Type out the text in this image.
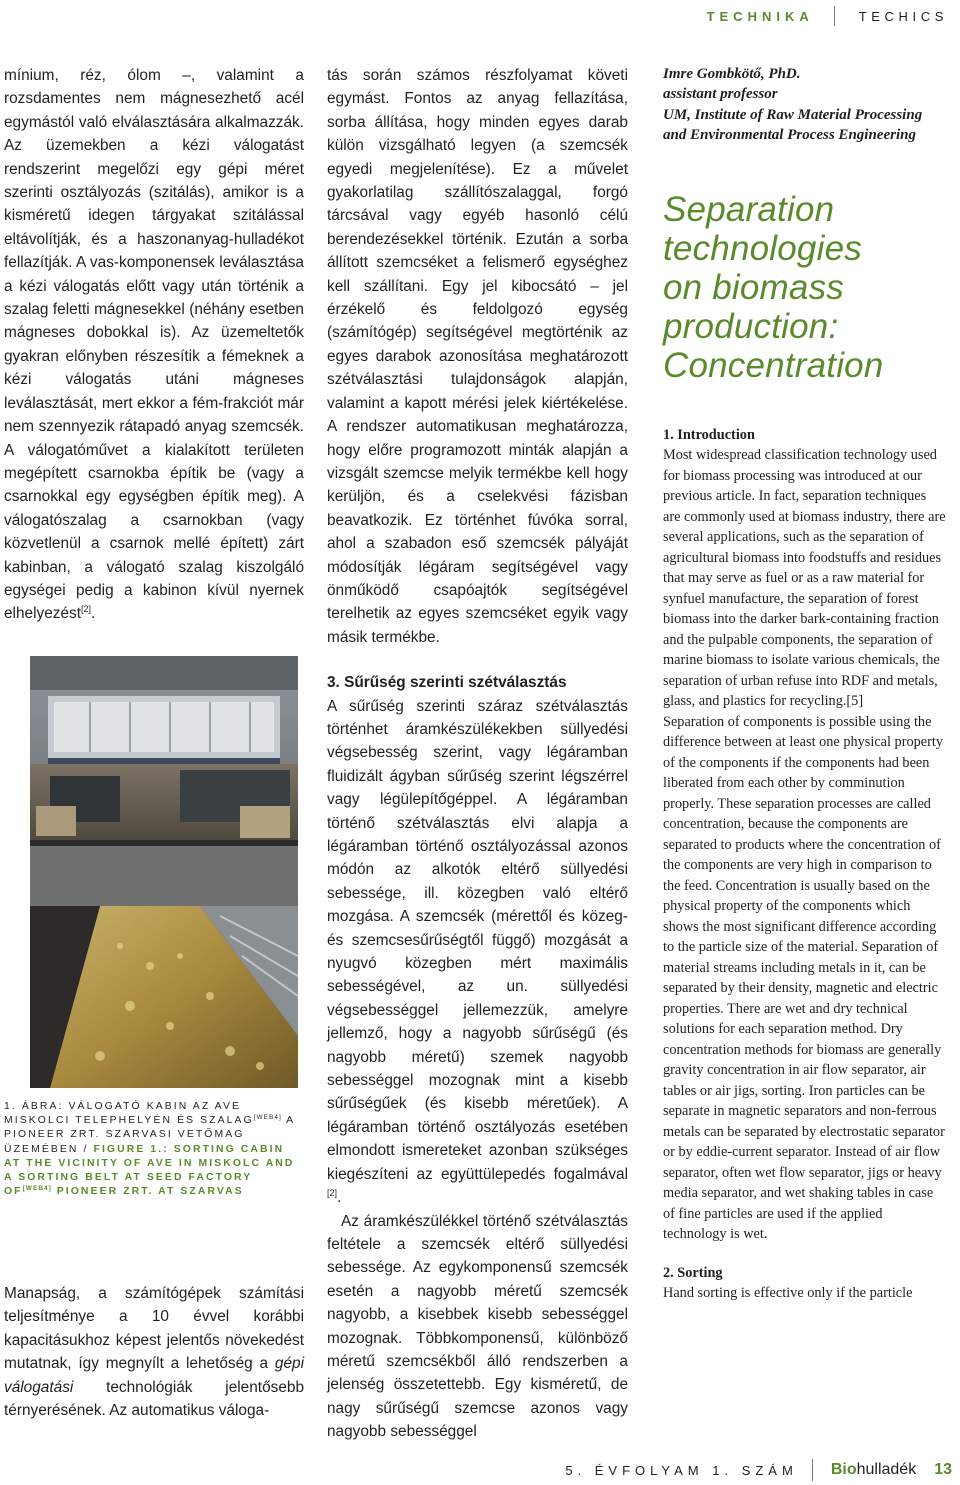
TECHNIKA	TECHICS

mínium, réz, ólom –, valamint a rozsdamentes nem mágnesezhető acél egymástól való elválasztására alkalmazzák. Az üzemekben a kézi válogatást rendszerint megelőzi egy gépi méret szerinti osztályozás (szitálás), amikor is a kisméretű idegen tárgyakat szitálással eltávolítják, és a haszonanyag-hulladékot fellazítják. A vas-komponensek leválasztása a kézi válogatás előtt vagy után történik a szalag feletti mágnesekkel (néhány esetben mágneses dobokkal is). Az üzemeltetők gyakran előnyben részesítik a fémeknek a kézi válogatás utáni mágneses leválasztását, mert ekkor a fém-frakciót már nem szennyezik rátapadó anyag szemcsék. A válogatóművet a kialakított területen megépített csarnokba építik be (vagy a csarnokkal egy egységben építik meg). A válogatószalag a csarnokban (vagy közvetlenül a csarnok mellé épített) zárt kabinban, a válogató szalag kiszolgáló egységei pedig a kabinon kívül nyernek elhelyezést[2].

1. ÁBRA: VÁLOGATÓ KABIN AZ AVE MISKOLCI TELEPHELYÉN ÉS SZALAG[WEB4] A PIONEER ZRT. SZARVASI VETŐMAG ÜZEMÉBEN / FIGURE 1.: SORTING CABIN AT THE VICINITY OF AVE IN MISKOLC AND A SORTING BELT AT SEED FACTORY OF[WEB4] PIONEER ZRT. AT SZARVAS

Manapság, a számítógépek számítási teljesítménye a 10 évvel korábbi kapacitásukhoz képest jelentős növekedést mutatnak, így megnyílt a lehetőség a gépi válogatási technológiák jelentősebb térnyerésének. Az automatikus váloga-

tás során számos részfolyamat követi egymást. Fontos az anyag fellazítása, sorba állítása, hogy minden egyes darab külön vizsgálható legyen (a szemcsék egyedi megjelenítése). Ez a művelet gyakorlatilag szállítószalaggal, forgó tárcsával vagy egyéb hasonló célú berendezésekkel történik. Ezután a sorba állított szemcséket a felismerő egységhez kell szállítani. Egy jel kibocsátó – jel érzékelő és feldolgozó egység (számítógép) segítségével megtörténik az egyes darabok azonosítása meghatározott szétválasztási tulajdonságok alapján, valamint a kapott mérési jelek kiértékelése. A rendszer automatikusan meghatározza, hogy előre programozott minták alapján a vizsgált szemcse melyik termékbe kell hogy kerüljön, és a cselekvési fázisban beavatkozik. Ez történhet fúvóka sorral, ahol a szabadon eső szemcsék pályáját módosítják légáram segítségével vagy önműködő csapóajtók segítségével terelhetik az egyes szemcséket egyik vagy másik termékbe.

3. Sűrűség szerinti szétválasztás

A sűrűség szerinti száraz szétválasztás történhet áramkészülékekben süllyedési végsebesség szerint, vagy légáramban fluidizált ágyban sűrűség szerint légszérrel vagy légülepítőgéppel. A légáramban történő szétválasztás elvi alapja a légáramban történő osztályozással azonos módón az alkotók eltérő süllyedési sebessége, ill. közegben való eltérő mozgása. A szemcsék (mérettől és közeg- és szemcsesűrűségtől függő) mozgását a nyugvó közegben mért maximális sebességével, az un. süllyedési végsebességgel jellemezzük, amelyre jellemző, hogy a nagyobb sűrűségű (és nagyobb méretű) szemek nagyobb sebességgel mozognak mint a kisebb sűrűségűek (és kisebb méretűek). A légáramban történő osztályozás esetében elmondott ismereteket azonban szükséges kiegészíteni az együttülepedés fogalmával [2].

Az áramkészülékkel történő szétválasztás feltétele a szemcsék eltérő süllyedési sebessége. Az egykomponensű szemcsék esetén a nagyobb méretű szemcsék nagyobb, a kisebbek kisebb sebességgel mozognak. Többkomponensű, különböző méretű szemcsékből álló rendszerben a jelenség összetettebb. Egy kisméretű, de nagy sűrűségű szemcse azonos vagy nagyobb sebességgel

Imre Gombkötő, PhD.
assistant professor
UM, Institute of Raw Material Processing and Environmental Process Engineering
Separation
technologies
on biomass
production:
Concentration
1. Introduction

Most widespread classification technology used for biomass processing was introduced at our previous article. In fact, separation techniques are commonly used at biomass industry, there are several applications, such as the separation of agricultural biomass into foodstuffs and residues that may serve as fuel or as a raw material for synfuel manufacture, the separation of forest biomass into the darker bark-containing fraction and the pulpable components, the separation of marine biomass to isolate various chemicals, the separation of urban refuse into RDF and metals, glass, and plastics for recycling.[5]

Separation of components is possible using the difference between at least one physical property of the components if the components had been liberated from each other by comminution properly. These separation processes are called concentration, because the components are separated to products where the concentration of the components are very high in comparison to the feed. Concentration is usually based on the physical property of the components which shows the most significant difference according to the particle size of the material. Separation of material streams including metals in it, can be separated by their density, magnetic and electric properties. There are wet and dry technical solutions for each separation method. Dry concentration methods for biomass are generally gravity concentration in air flow separator, air tables or air jigs, sorting. Iron particles can be separate in magnetic separators and non-ferrous metals can be separated by electrostatic separator or by eddie-current separator. Instead of air flow separator, often wet flow separator, jigs or heavy media separator, and wet shaking tables in case of fine particles are used if the applied technology is wet.

2. Sorting

Hand sorting is effective only if the particle

5. ÉVFOLYAM 1. SZÁM Bio hulladék 13
